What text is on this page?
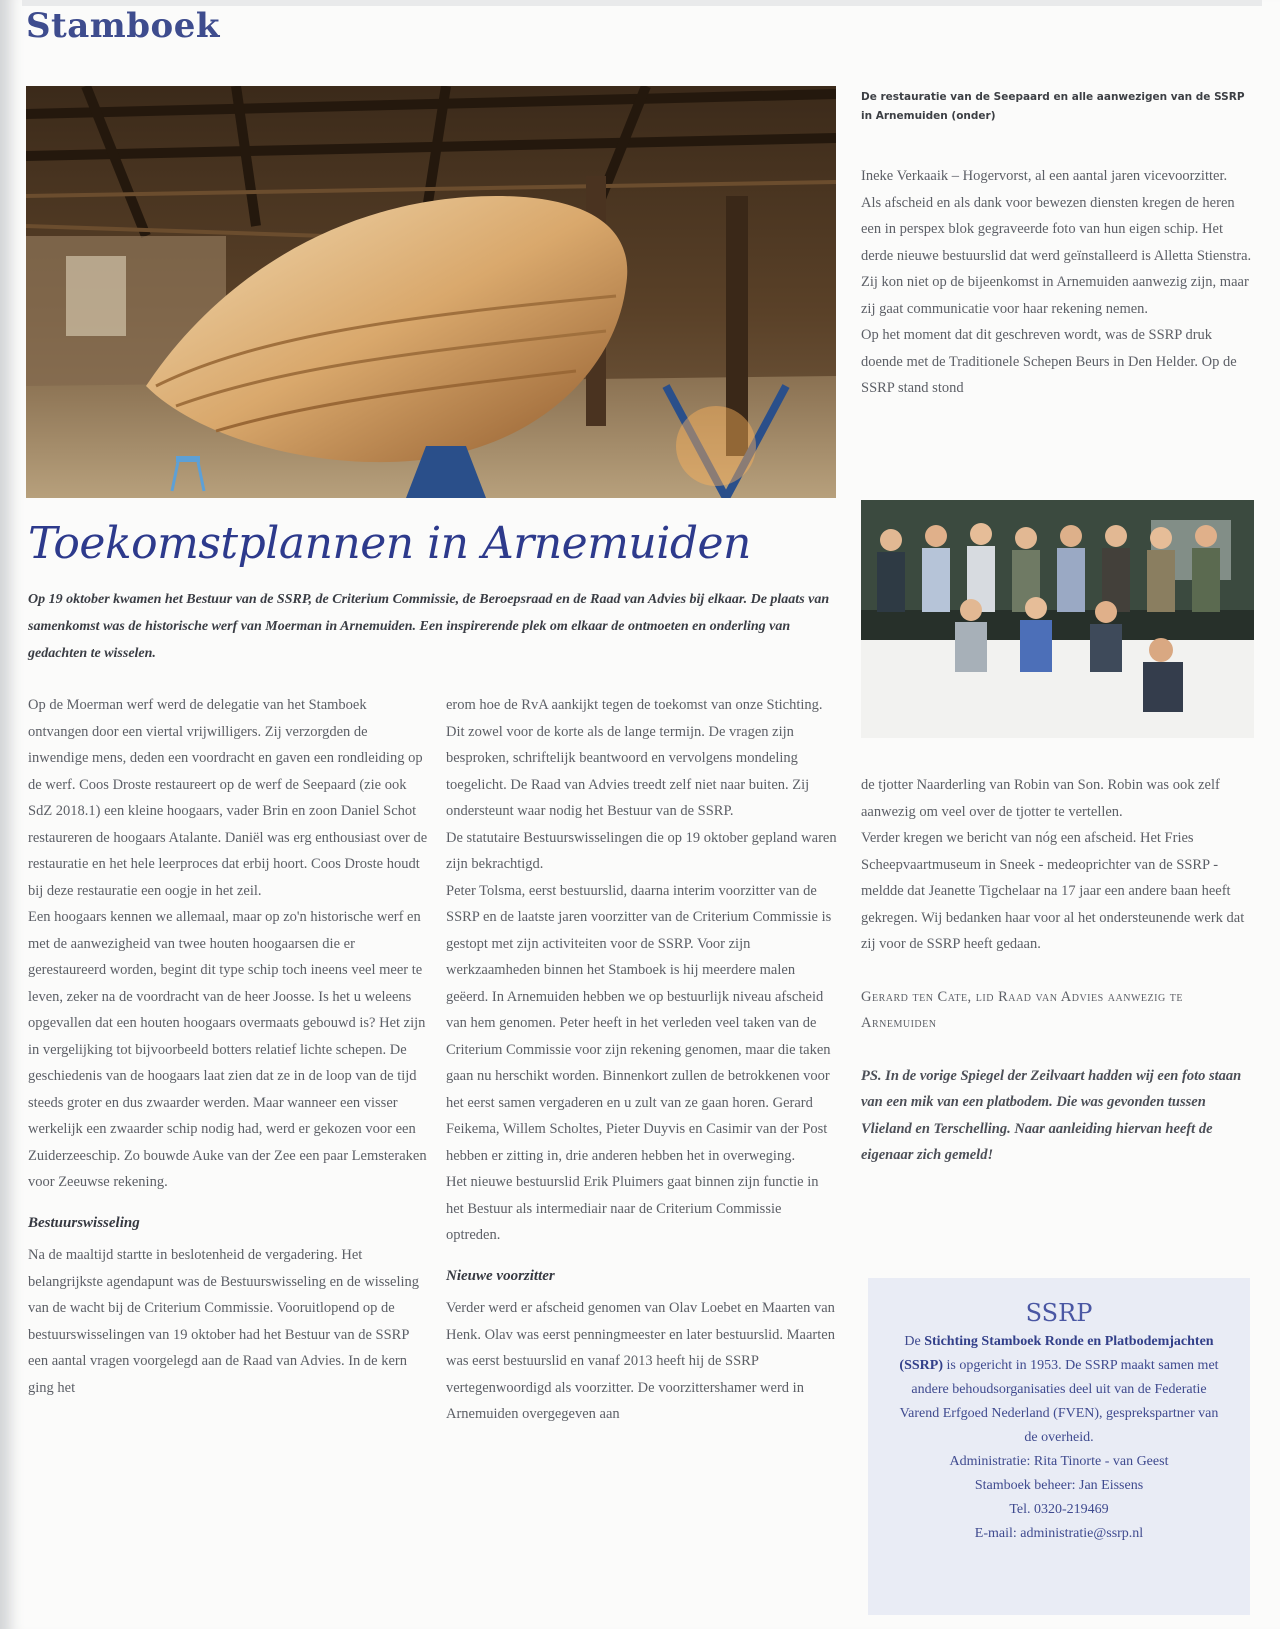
Stamboek
De restauratie van de Seepaard en alle aanwezigen van de SSRP in Arnemuiden (onder)

Ineke Verkaaik – Hogervorst, al een aantal jaren vicevoorzitter.

Als afscheid en als dank voor bewezen diensten kregen de heren een in perspex blok gegraveerde foto van hun eigen schip. Het derde nieuwe bestuurslid dat werd geïnstalleerd is Alletta Stienstra. Zij kon niet op de bijeenkomst in Arnemuiden aanwezig zijn, maar zij gaat communicatie voor haar rekening nemen.

Op het moment dat dit geschreven wordt, was de SSRP druk doende met de Traditionele Schepen Beurs in Den Helder. Op de SSRP stand stond

Toekomstplannen in Arnemuiden
Op 19 oktober kwamen het Bestuur van de SSRP, de Criterium Commissie, de Beroepsraad en de Raad van Advies bij elkaar. De plaats van samenkomst was de historische werf van Moerman in Arnemuiden. Een inspirerende plek om elkaar de ontmoeten en onderling van gedachten te wisselen.

Op de Moerman werf werd de delegatie van het Stamboek ontvangen door een viertal vrijwilligers. Zij verzorgden de inwendige mens, deden een voordracht en gaven een rondleiding op de werf. Coos Droste restaureert op de werf de Seepaard (zie ook SdZ 2018.1) een kleine hoogaars, vader Brin en zoon Daniel Schot restaureren de hoogaars Atalante. Daniël was erg enthousiast over de restauratie en het hele leerproces dat erbij hoort. Coos Droste houdt bij deze restauratie een oogje in het zeil.

Een hoogaars kennen we allemaal, maar op zo'n historische werf en met de aanwezigheid van twee houten hoogaarsen die er gerestaureerd worden, begint dit type schip toch ineens veel meer te leven, zeker na de voordracht van de heer Joosse. Is het u weleens opgevallen dat een houten hoogaars overmaats gebouwd is? Het zijn in vergelijking tot bijvoorbeeld botters relatief lichte schepen. De geschiedenis van de hoogaars laat zien dat ze in de loop van de tijd steeds groter en dus zwaarder werden. Maar wanneer een visser werkelijk een zwaarder schip nodig had, werd er gekozen voor een Zuiderzeeschip. Zo bouwde Auke van der Zee een paar Lemsteraken voor Zeeuwse rekening.

Bestuurswisseling

Na de maaltijd startte in beslotenheid de vergadering. Het belangrijkste agendapunt was de Bestuurswisseling en de wisseling van de wacht bij de Criterium Commissie. Vooruitlopend op de bestuurswisselingen van 19 oktober had het Bestuur van de SSRP een aantal vragen voorgelegd aan de Raad van Advies. In de kern ging het

erom hoe de RvA aankijkt tegen de toekomst van onze Stichting. Dit zowel voor de korte als de lange termijn. De vragen zijn besproken, schriftelijk beantwoord en vervolgens mondeling toegelicht. De Raad van Advies treedt zelf niet naar buiten. Zij ondersteunt waar nodig het Bestuur van de SSRP.

De statutaire Bestuurswisselingen die op 19 oktober gepland waren zijn bekrachtigd.

Peter Tolsma, eerst bestuurslid, daarna interim voorzitter van de SSRP en de laatste jaren voorzitter van de Criterium Commissie is gestopt met zijn activiteiten voor de SSRP. Voor zijn werkzaamheden binnen het Stamboek is hij meerdere malen geëerd. In Arnemuiden hebben we op bestuurlijk niveau afscheid van hem genomen. Peter heeft in het verleden veel taken van de Criterium Commissie voor zijn rekening genomen, maar die taken gaan nu herschikt worden. Binnenkort zullen de betrokkenen voor het eerst samen vergaderen en u zult van ze gaan horen. Gerard Feikema, Willem Scholtes, Pieter Duyvis en Casimir van der Post hebben er zitting in, drie anderen hebben het in overweging.

Het nieuwe bestuurslid Erik Pluimers gaat binnen zijn functie in het Bestuur als intermediair naar de Criterium Commissie optreden.

Nieuwe voorzitter

Verder werd er afscheid genomen van Olav Loebet en Maarten van Henk. Olav was eerst penningmeester en later bestuurslid. Maarten was eerst bestuurslid en vanaf 2013 heeft hij de SSRP vertegenwoordigd als voorzitter. De voorzittershamer werd in Arnemuiden overgegeven aan

de tjotter Naarderling van Robin van Son. Robin was ook zelf aanwezig om veel over de tjotter te vertellen.

Verder kregen we bericht van nóg een afscheid. Het Fries Scheepvaartmuseum in Sneek - medeoprichter van de SSRP - meldde dat Jeanette Tigchelaar na 17 jaar een andere baan heeft gekregen. Wij bedanken haar voor al het ondersteunende werk dat zij voor de SSRP heeft gedaan.

Gerard ten Cate, lid Raad van Advies aanwezig te Arnemuiden

PS. In de vorige Spiegel der Zeilvaart hadden wij een foto staan van een mik van een platbodem. Die was gevonden tussen Vlieland en Terschelling. Naar aanleiding hiervan heeft de eigenaar zich gemeld!

SSRP

De Stichting Stamboek Ronde en Platbodemjachten (SSRP) is opgericht in 1953. De SSRP maakt samen met andere behoudsorganisaties deel uit van de Federatie Varend Erfgoed Nederland (FVEN), gesprekspartner van de overheid.

Administratie: Rita Tinorte - van Geest

Stamboek beheer: Jan Eissens

Tel. 0320-219469

E-mail: administratie@ssrp.nl
